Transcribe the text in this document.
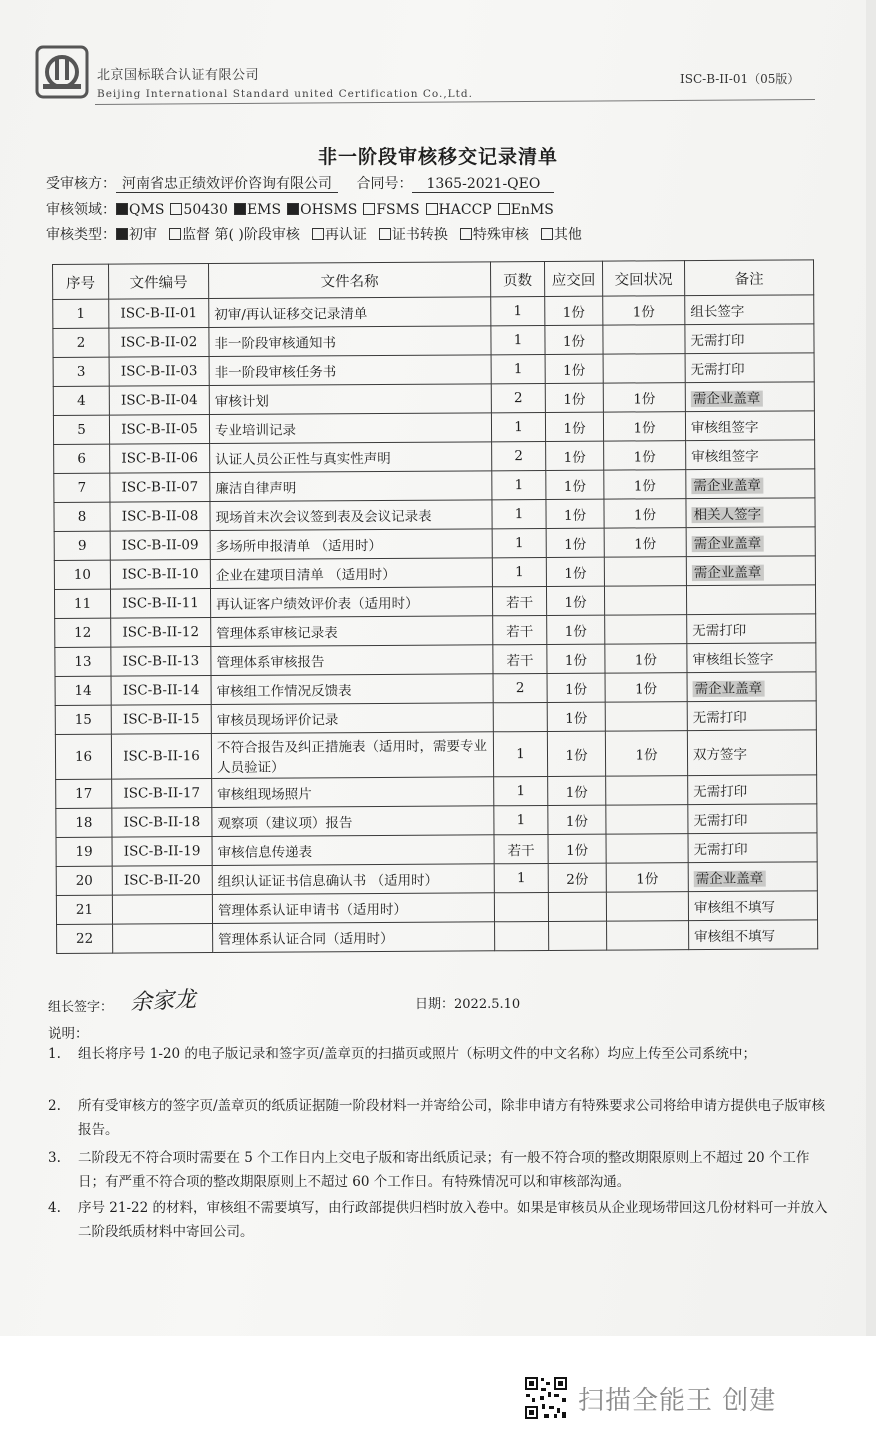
北京国标联合认证有限公司
Beijing International Standard united Certification Co.,Ltd.
ISC-B-II-01（05版）
非一阶段审核移交记录清单
受审核方： 河南省忠正绩效评价咨询有限公司 合同号： 1365-2021-QEO
审核领域： QMS 50430 EMS OHSMS FSMS HACCP EnMS
审核类型： 初审 监督 第( )阶段审核 再认证 证书转换 特殊审核 其他
序号	文件编号	文件名称	页数	应交回	交回状况	备注
1	ISC-B-II-01	初审/再认证移交记录清单	1	1份	1份	组长签字
2	ISC-B-II-02	非一阶段审核通知书	1	1份		无需打印
3	ISC-B-II-03	非一阶段审核任务书	1	1份		无需打印
4	ISC-B-II-04	审核计划	2	1份	1份	需企业盖章
5	ISC-B-II-05	专业培训记录	1	1份	1份	审核组签字
6	ISC-B-II-06	认证人员公正性与真实性声明	2	1份	1份	审核组签字
7	ISC-B-II-07	廉洁自律声明	1	1份	1份	需企业盖章
8	ISC-B-II-08	现场首末次会议签到表及会议记录表	1	1份	1份	相关人签字
9	ISC-B-II-09	多场所申报清单 （适用时）	1	1份	1份	需企业盖章
10	ISC-B-II-10	企业在建项目清单 （适用时）	1	1份		需企业盖章
11	ISC-B-II-11	再认证客户绩效评价表（适用时）	若干	1份		
12	ISC-B-II-12	管理体系审核记录表	若干	1份		无需打印
13	ISC-B-II-13	管理体系审核报告	若干	1份	1份	审核组长签字
14	ISC-B-II-14	审核组工作情况反馈表	2	1份	1份	需企业盖章
15	ISC-B-II-15	审核员现场评价记录		1份		无需打印
16	ISC-B-II-16	不符合报告及纠正措施表（适用时，需要专业人员验证）	1	1份	1份	双方签字
17	ISC-B-II-17	审核组现场照片	1	1份		无需打印
18	ISC-B-II-18	观察项（建议项）报告	1	1份		无需打印
19	ISC-B-II-19	审核信息传递表	若干	1份		无需打印
20	ISC-B-II-20	组织认证证书信息确认书 （适用时）	1	2份	1份	需企业盖章
21		管理体系认证申请书（适用时）				审核组不填写
22		管理体系认证合同（适用时）				审核组不填写
组长签字： 余家龙	日期：2022.5.10
说明：
1.	组长将序号 1-20 的电子版记录和签字页/盖章页的扫描页或照片（标明文件的中文名称）均应上传至公司系统中；
2.	所有受审核方的签字页/盖章页的纸质证据随一阶段材料一并寄给公司，除非申请方有特殊要求公司将给申请方提供电子版审核报告。
3.	二阶段无不符合项时需要在 5 个工作日内上交电子版和寄出纸质记录；有一般不符合项的整改期限原则上不超过 20 个工作日；有严重不符合项的整改期限原则上不超过 60 个工作日。有特殊情况可以和审核部沟通。
4.	序号 21-22 的材料，审核组不需要填写，由行政部提供归档时放入卷中。如果是审核员从企业现场带回这几份材料可一并放入二阶段纸质材料中寄回公司。
扫描全能王 创建
